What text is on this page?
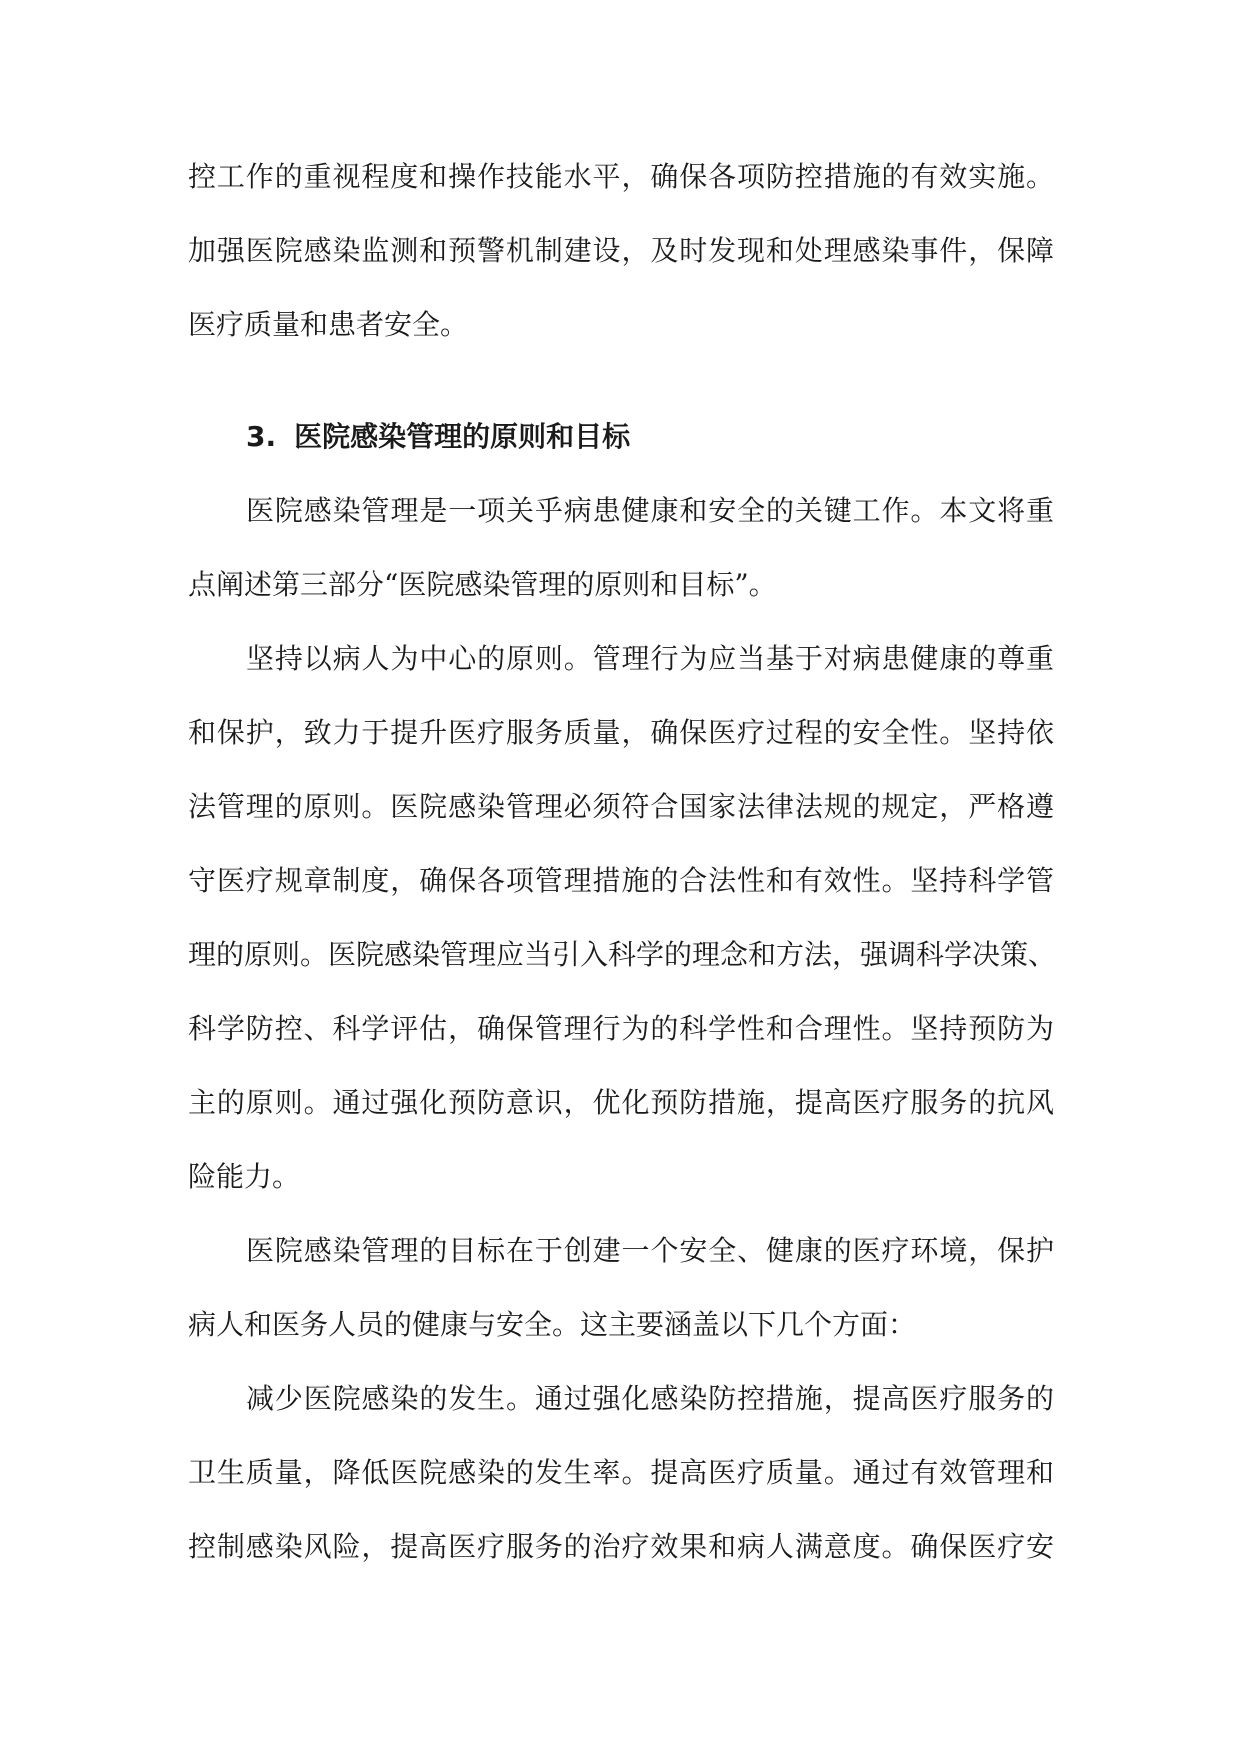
控工作的重视程度和操作技能水平，确保各项防控措施的有效实施。
加强医院感染监测和预警机制建设，及时发现和处理感染事件，保障
医疗质量和患者安全。
3. 医院感染管理的原则和目标
医院感染管理是一项关乎病患健康和安全的关键工作。本文将重
点阐述第三部分“医院感染管理的原则和目标”。
坚持以病人为中心的原则。管理行为应当基于对病患健康的尊重
和保护，致力于提升医疗服务质量，确保医疗过程的安全性。坚持依
法管理的原则。医院感染管理必须符合国家法律法规的规定，严格遵
守医疗规章制度，确保各项管理措施的合法性和有效性。坚持科学管
理的原则。医院感染管理应当引入科学的理念和方法，强调科学决策、
科学防控、科学评估，确保管理行为的科学性和合理性。坚持预防为
主的原则。通过强化预防意识，优化预防措施，提高医疗服务的抗风
险能力。
医院感染管理的目标在于创建一个安全、健康的医疗环境，保护
病人和医务人员的健康与安全。这主要涵盖以下几个方面：
减少医院感染的发生。通过强化感染防控措施，提高医疗服务的
卫生质量，降低医院感染的发生率。提高医疗质量。通过有效管理和
控制感染风险，提高医疗服务的治疗效果和病人满意度。确保医疗安
